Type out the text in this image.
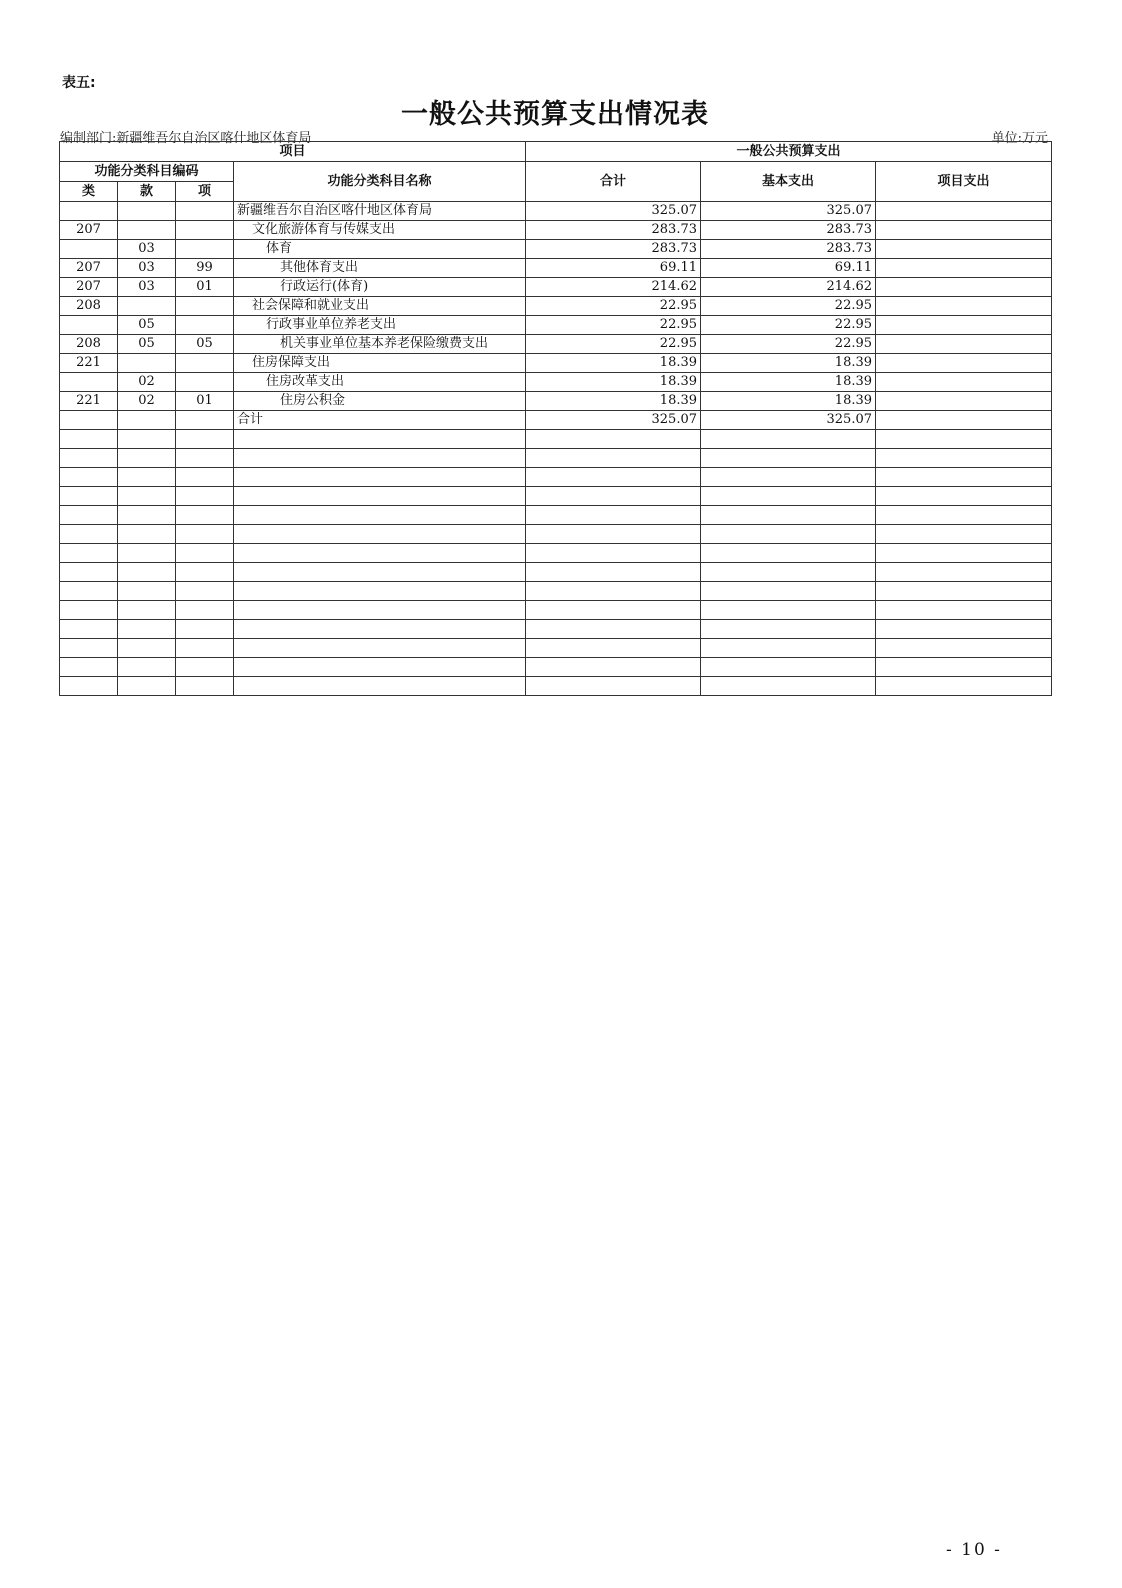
表五:
一般公共预算支出情况表
编制部门:新疆维吾尔自治区喀什地区体育局	单位:万元
项目				一般公共预算支出		
功能分类科目编码			功能分类科目名称	合计	基本支出	项目支出
类	款	项				
			新疆维吾尔自治区喀什地区体育局	325.07	325.07	
207			文化旅游体育与传媒支出	283.73	283.73	
	03		体育	283.73	283.73	
207	03	99	其他体育支出	69.11	69.11	
207	03	01	行政运行(体育)	214.62	214.62	
208			社会保障和就业支出	22.95	22.95	
	05		行政事业单位养老支出	22.95	22.95	
208	05	05	机关事业单位基本养老保险缴费支出	22.95	22.95	
221			住房保障支出	18.39	18.39	
	02		住房改革支出	18.39	18.39	
221	02	01	住房公积金	18.39	18.39	
			合计	325.07	325.07	

- 10 -
